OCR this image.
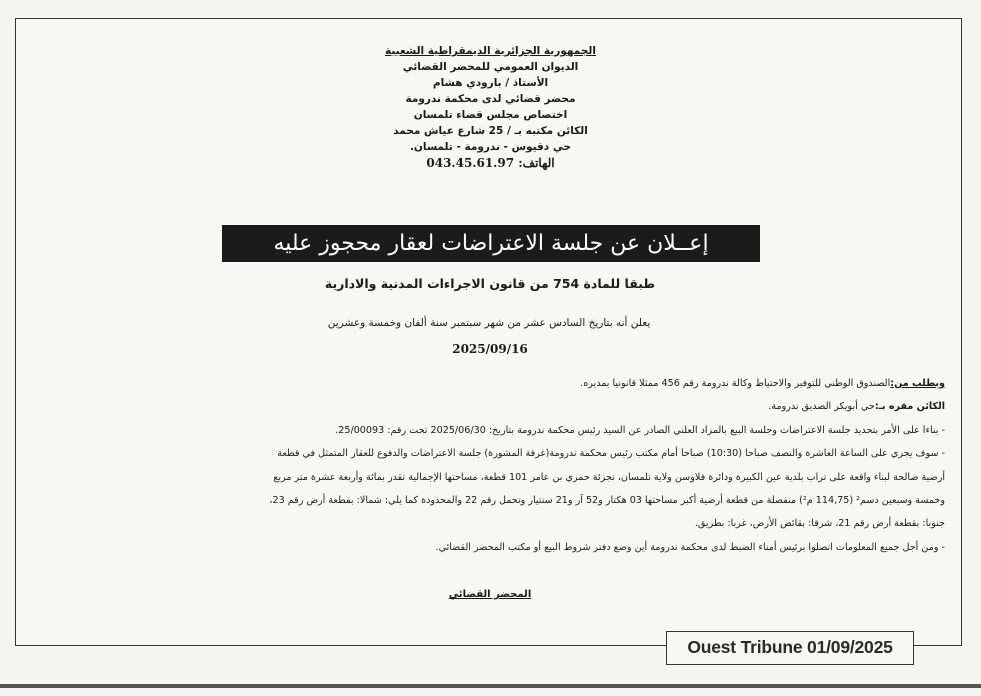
الجمهورية الجزائرية الديمقراطية الشعبية
الديوان العمومي للمحضر القضائي
الأستاذ / بارودي هشام
محضر قضائي لدى محكمة ندرومة
اختصاص مجلس قضاء تلمسان
الكائن مكتبه بـ / 25 شارع عياش محمد
حي دقيوس - ندرومة - تلمسان.
الهاتف: 043.45.61.97
إعــلان عن جلسة الاعتراضات لعقار محجوز عليه
طبقا للمادة 754 من قانون الاجراءات المدنية والادارية
يعلن أنه بتاريخ السادس عشر من شهر سبتمبر سنة ألفان وخمسة وعشرين
2025/09/16
وبطلب من:الصندوق الوطني للتوفير والاحتياط وكالة ندرومة رقم 456 ممثلا قانونيا بمديره.
الكائن مقره بـ:حي أبويكر الصديق ندرومة.
- بناءا على الأمر بتحديد جلسة الاعتراضات وجلسة البيع بالمزاد العلني الصادر عن السيد رئيس محكمة ندرومة بتاريخ: 2025/06/30 تحت رقم: 25/00093.
- سوف يجري على الساعة العاشرة والنصف صباحا (10:30) صباحا أمام مكتب رئيس محكمة ندرومة(غرفة المشورة) جلسة الاعتراضات والدفوع للعقار المتمثل في قطعة
أرضية صالحة لبناء واقعة على تراب بلدية عين الكبيرة ودائرة فلاوسن ولاية تلمسان، تجزئة حمري بن عامر 101 قطعة، مساحتها الإجمالية تقدر بمائة وأربعة عشرة متر مربع
وخمسة وسبعين دسم² (114,75 م²) منفصلة من قطعة أرضية أكبر مساحتها 03 هكتار و52 آر و21 سنتيار وتحمل رقم 22 والمحدودة كما يلي: شمالا: بقطعة أرض رقم 23،
جنوبا: بقطعة أرض رقم 21، شرقا: بقائص الأرض، غربا: بطريق.
- ومن أجل جميع المعلومات اتصلوا برئيس أمناء الضبط لدى محكمة ندرومة أين وضع دفتر شروط البيع أو مكتب المحضر القضائي.
المحضر القضائي
Ouest Tribune 01/09/2025
